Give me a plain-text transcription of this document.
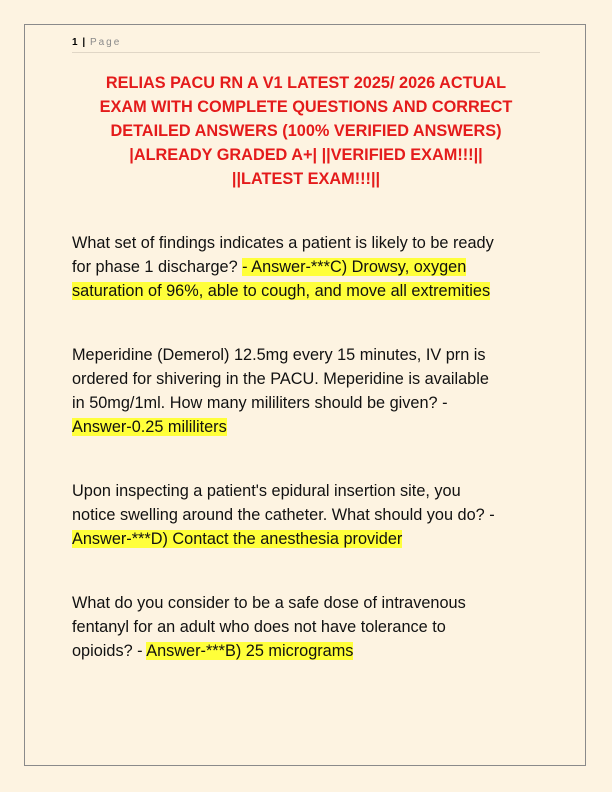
1 | Page
RELIAS PACU RN A V1 LATEST 2025/ 2026 ACTUAL
EXAM WITH COMPLETE QUESTIONS AND CORRECT
DETAILED ANSWERS (100% VERIFIED ANSWERS)
|ALREADY GRADED A+| ||VERIFIED EXAM!!!||
||LATEST EXAM!!!||
What set of findings indicates a patient is likely to be ready
for phase 1 discharge? - Answer-***C) Drowsy, oxygen
saturation of 96%, able to cough, and move all extremities
Meperidine (Demerol) 12.5mg every 15 minutes, IV prn is
ordered for shivering in the PACU. Meperidine is available
in 50mg/1ml. How many mililiters should be given? -
Answer-0.25 mililiters
Upon inspecting a patient's epidural insertion site, you
notice swelling around the catheter. What should you do? -
Answer-***D) Contact the anesthesia provider
What do you consider to be a safe dose of intravenous
fentanyl for an adult who does not have tolerance to
opioids? - Answer-***B) 25 micrograms
